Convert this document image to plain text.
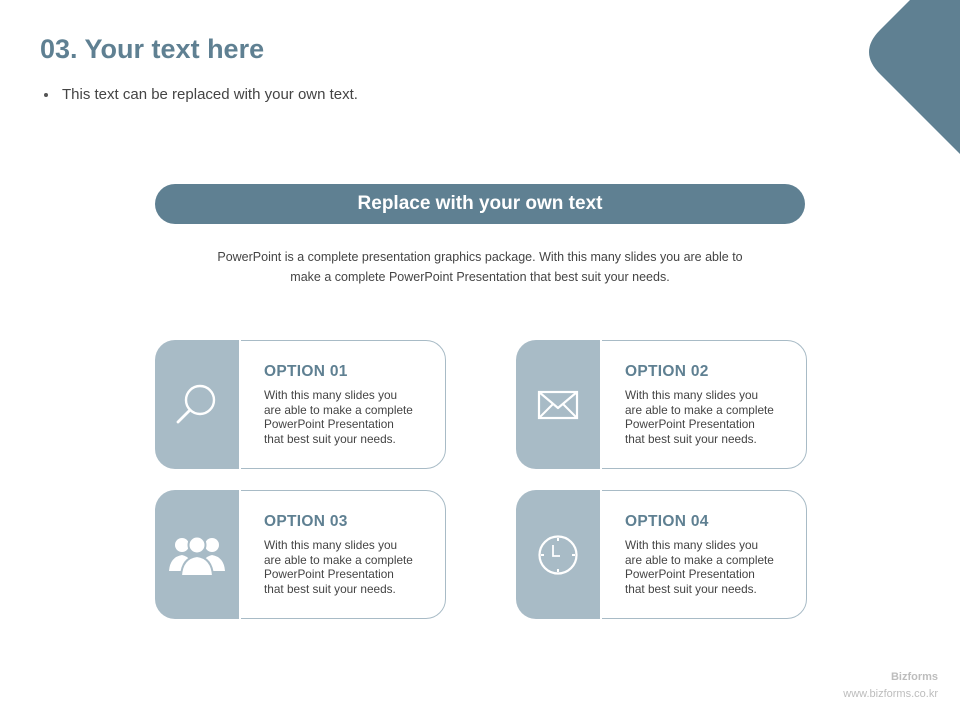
03. Your text here
This text can be replaced with your own text.
Replace with your own text
PowerPoint is a complete presentation graphics package. With this many slides you are able to
make a complete PowerPoint Presentation that best suit your needs.
OPTION 01
With this many slides you
are able to make a complete
PowerPoint Presentation
that best suit your needs.
OPTION 02
With this many slides you
are able to make a complete
PowerPoint Presentation
that best suit your needs.
OPTION 03
With this many slides you
are able to make a complete
PowerPoint Presentation
that best suit your needs.
OPTION 04
With this many slides you
are able to make a complete
PowerPoint Presentation
that best suit your needs.
Bizforms
www.bizforms.co.kr
